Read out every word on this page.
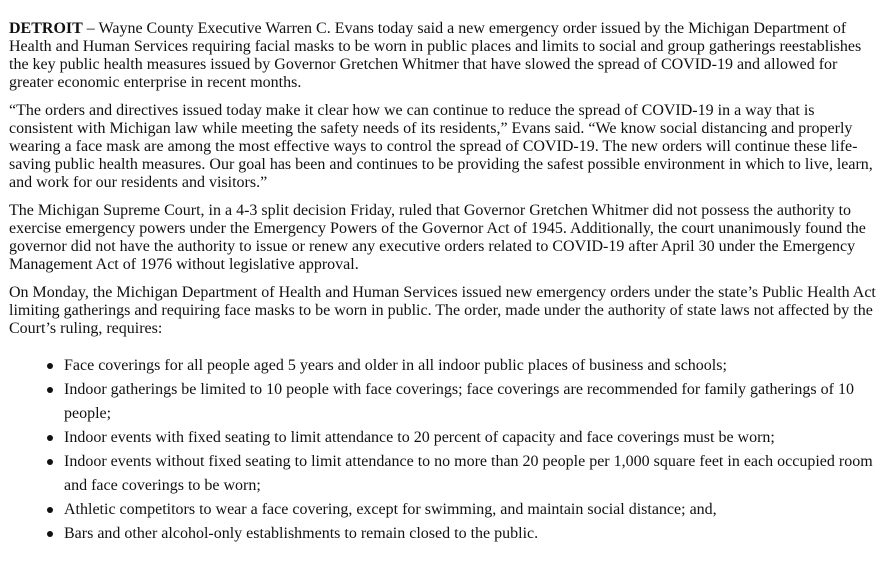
DETROIT – Wayne County Executive Warren C. Evans today said a new emergency order issued by the Michigan Department of Health and Human Services requiring facial masks to be worn in public places and limits to social and group gatherings reestablishes the key public health measures issued by Governor Gretchen Whitmer that have slowed the spread of COVID-19 and allowed for greater economic enterprise in recent months.

“The orders and directives issued today make it clear how we can continue to reduce the spread of COVID-19 in a way that is consistent with Michigan law while meeting the safety needs of its residents,” Evans said. “We know social distancing and properly wearing a face mask are among the most effective ways to control the spread of COVID-19. The new orders will continue these life-saving public health measures. Our goal has been and continues to be providing the safest possible environment in which to live, learn, and work for our residents and visitors.”

The Michigan Supreme Court, in a 4-3 split decision Friday, ruled that Governor Gretchen Whitmer did not possess the authority to exercise emergency powers under the Emergency Powers of the Governor Act of 1945. Additionally, the court unanimously found the governor did not have the authority to issue or renew any executive orders related to COVID-19 after April 30 under the Emergency Management Act of 1976 without legislative approval.

On Monday, the Michigan Department of Health and Human Services issued new emergency orders under the state’s Public Health Act limiting gatherings and requiring face masks to be worn in public. The order, made under the authority of state laws not affected by the Court’s ruling, requires:

Face coverings for all people aged 5 years and older in all indoor public places of business and schools;
Indoor gatherings be limited to 10 people with face coverings; face coverings are recommended for family gatherings of 10 people;
Indoor events with fixed seating to limit attendance to 20 percent of capacity and face coverings must be worn;
Indoor events without fixed seating to limit attendance to no more than 20 people per 1,000 square feet in each occupied room and face coverings to be worn;
Athletic competitors to wear a face covering, except for swimming, and maintain social distance; and,
Bars and other alcohol-only establishments to remain closed to the public.
